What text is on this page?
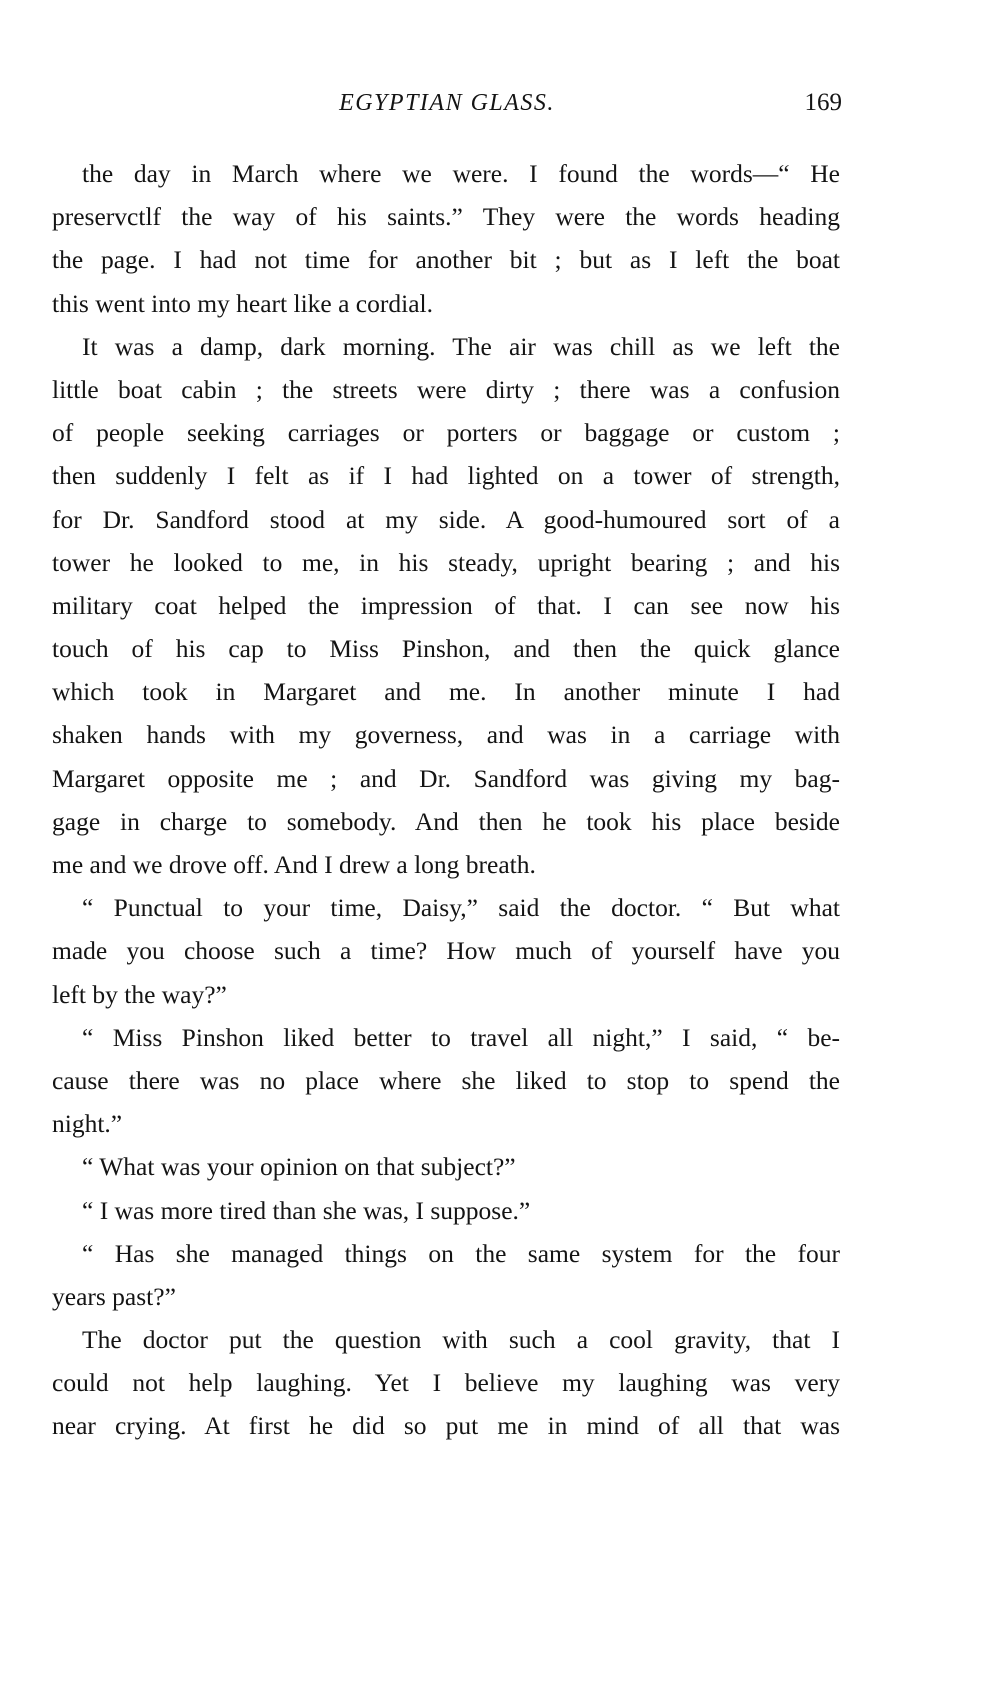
EGYPTIAN GLASS.	169
the day in March where we were. I found the words—“ He
preservctlf the way of his saints.” They were the words heading
the page. I had not time for another bit ; but as I left the boat
this went into my heart like a cordial.
It was a damp, dark morning. The air was chill as we left the
little boat cabin ; the streets were dirty ; there was a confusion
of people seeking carriages or porters or baggage or custom ;
then suddenly I felt as if I had lighted on a tower of strength,
for Dr. Sandford stood at my side. A good-humoured sort of a
tower he looked to me, in his steady, upright bearing ; and his
military coat helped the impression of that. I can see now his
touch of his cap to Miss Pinshon, and then the quick glance
which took in Margaret and me. In another minute I had
shaken hands with my governess, and was in a carriage with
Margaret opposite me ; and Dr. Sandford was giving my bag-
gage in charge to somebody. And then he took his place beside
me and we drove off. And I drew a long breath.
“ Punctual to your time, Daisy,” said the doctor. “ But what
made you choose such a time? How much of yourself have you
left by the way?”
“ Miss Pinshon liked better to travel all night,” I said, “ be-
cause there was no place where she liked to stop to spend the
night.”
“ What was your opinion on that subject?”
“ I was more tired than she was, I suppose.”
“ Has she managed things on the same system for the four
years past?”
The doctor put the question with such a cool gravity, that I
could not help laughing. Yet I believe my laughing was very
near crying. At first he did so put me in mind of all that was
